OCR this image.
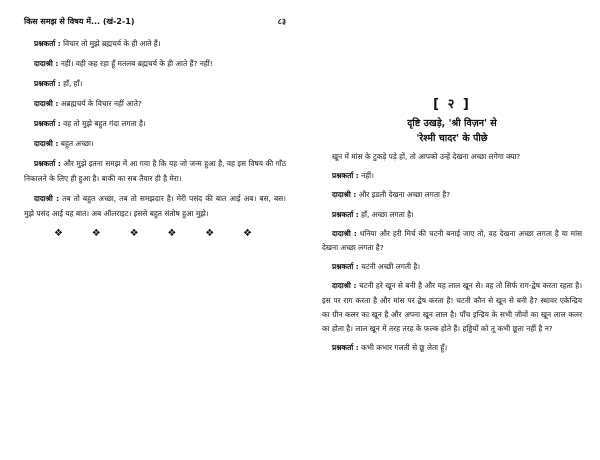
किस समझ से विषय में... (खं-2-1)	८३

प्रश्नकर्ता : विचार तो मुझे ब्रह्मचर्य के ही आते हैं।

दादाश्री : नहीं। वही कह रहा हूँ मतलब ब्रह्मचर्य के ही आते हैं? नहीं!

प्रश्नकर्ता : हाँ, हाँ।

दादाश्री : अब्रह्मचर्य के विचार नहीं आते?

प्रश्नकर्ता : वह तो मुझे बहुत गंदा लगता है।

दादाश्री : बहुत अच्छा।

प्रश्नकर्ता : और मुझे इतना समझ में आ गया है कि यह जो जन्म हुआ है, वह इस विषय की गाँठ निकालने के लिए ही हुआ है। बाकी का सब तैयार ही है मेरा।

दादाश्री : तब तो बहुत अच्छा, तब तो समझदार है। मेरी पसंद की बात आई अब। बस, बस। मुझे पसंद आई यह बात। अब ऑलराइट। इससे बहुत संतोष हुआ मुझे।

❖	❖	❖	❖	❖	❖
[ २ ]
दृष्टि उखड़े, 'श्री विज़न' से
'रेश्मी चादर' के पीछे

खून में मांस के टुकड़े पड़े हों, तो आपको उन्हें देखना अच्छा लगेगा क्या?

प्रश्नकर्ता : नहीं।

दादाश्री : और इडली देखना अच्छा लगता है?

प्रश्नकर्ता : हाँ, अच्छा लगता है।

दादाश्री : धनिया और हरी मिर्च की चटनी बनाई जाए तो, वह देखना अच्छा लगता है या मांस देखना अच्छा लगता है?

प्रश्नकर्ता : चटनी अच्छी लगती है।

दादाश्री : चटनी हरे खून से बनी है और यह लाल खून से। वह तो सिर्फ राग-द्वेष करता रहता है। इस पर राग करता है और मांस पर द्वेष करता है! चटनी कौन से खून से बनी है? स्थावर एकेन्द्रिय का ग्रीन कलर का खून है और अपना खून लाल है। पाँच इन्द्रिय के सभी जीवों का खून लाल कलर का होता है। लाल खून में तरह तरह के फ़ल्क होते हैं। हड्डियों को तू कभी छूता नहीं है न?

प्रश्नकर्ता : कभी कभार गलती से छू लेता हूँ।
